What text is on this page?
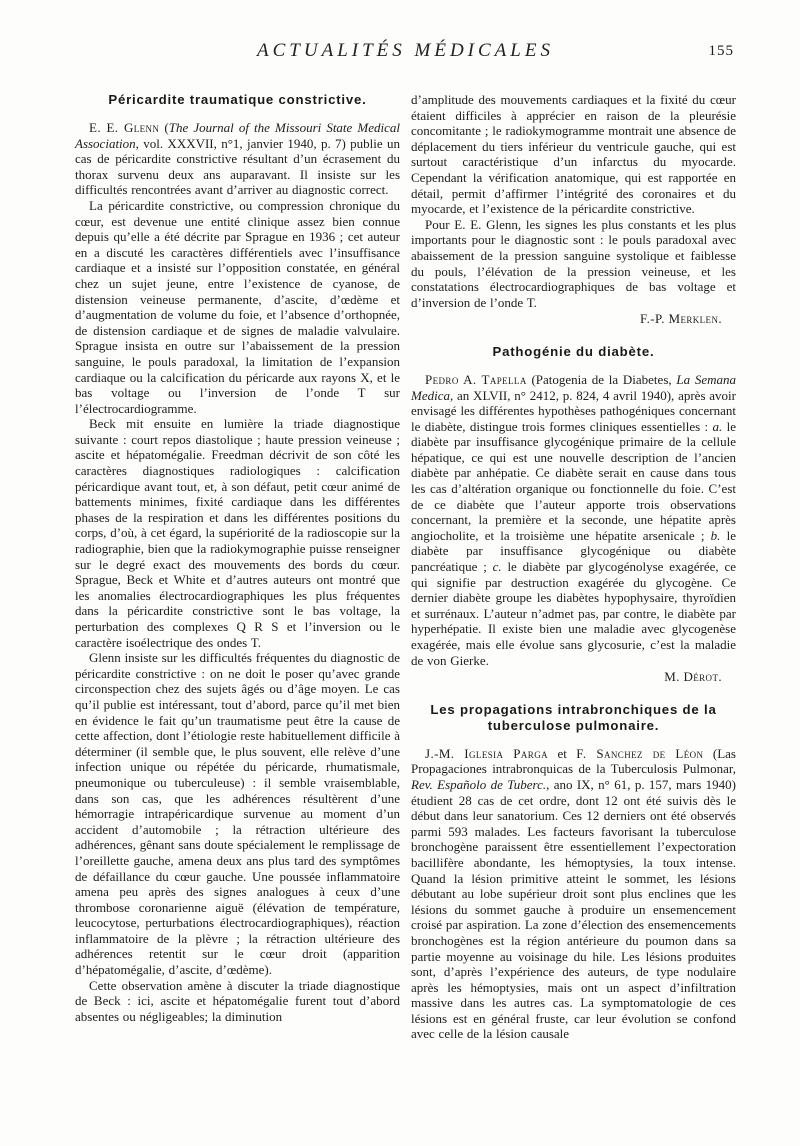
ACTUALITÉS MÉDICALES	155
Péricardite traumatique constrictive.

E. E. Glenn (The Journal of the Missouri State Medical Association, vol. XXXVII, n°1, janvier 1940, p. 7) publie un cas de péricardite constrictive résultant d’un écrasement du thorax survenu deux ans auparavant. Il insiste sur les difficultés rencontrées avant d’arriver au diagnostic correct.

La péricardite constrictive, ou compression chronique du cœur, est devenue une entité clinique assez bien connue depuis qu’elle a été décrite par Sprague en 1936 ; cet auteur en a discuté les caractères différentiels avec l’insuffisance cardiaque et a insisté sur l’opposition constatée, en général chez un sujet jeune, entre l’existence de cyanose, de distension veineuse permanente, d’ascite, d’œdème et d’augmentation de volume du foie, et l’absence d’orthopnée, de distension cardiaque et de signes de maladie valvulaire. Sprague insista en outre sur l’abaissement de la pression sanguine, le pouls paradoxal, la limitation de l’expansion cardiaque ou la calcification du péricarde aux rayons X, et le bas voltage ou l’inversion de l’onde T sur l’électrocardiogramme.

Beck mit ensuite en lumière la triade diagnostique suivante : court repos diastolique ; haute pression veineuse ; ascite et hépatomégalie. Freedman décrivit de son côté les caractères diagnostiques radiologiques : calcification péricardique avant tout, et, à son défaut, petit cœur animé de battements minimes, fixité cardiaque dans les différentes phases de la respiration et dans les différentes positions du corps, d’où, à cet égard, la supériorité de la radioscopie sur la radiographie, bien que la radiokymographie puisse renseigner sur le degré exact des mouvements des bords du cœur. Sprague, Beck et White et d’autres auteurs ont montré que les anomalies électrocardiographiques les plus fréquentes dans la péricardite constrictive sont le bas voltage, la perturbation des complexes Q R S et l’inversion ou le caractère isoélectrique des ondes T.

Glenn insiste sur les difficultés fréquentes du diagnostic de péricardite constrictive : on ne doit le poser qu’avec grande circonspection chez des sujets âgés ou d’âge moyen. Le cas qu’il publie est intéressant, tout d’abord, parce qu’il met bien en évidence le fait qu’un traumatisme peut être la cause de cette affection, dont l’étiologie reste habituellement difficile à déterminer (il semble que, le plus souvent, elle relève d’une infection unique ou répétée du péricarde, rhumatismale, pneumonique ou tuberculeuse) : il semble vraisemblable, dans son cas, que les adhérences résultèrent d’une hémorragie intrapéricardique survenue au moment d’un accident d’automobile ; la rétraction ultérieure des adhérences, gênant sans doute spécialement le remplissage de l’oreillette gauche, amena deux ans plus tard des symptômes de défaillance du cœur gauche. Une poussée inflammatoire amena peu après des signes analogues à ceux d’une thrombose coronarienne aiguë (élévation de température, leucocytose, perturbations électrocardiographiques), réaction inflammatoire de la plèvre ; la rétraction ultérieure des adhérences retentit sur le cœur droit (apparition d’hépatomégalie, d’ascite, d’œdème).

Cette observation amène à discuter la triade diagnostique de Beck : ici, ascite et hépatomégalie furent tout d’abord absentes ou négligeables; la diminution

d’amplitude des mouvements cardiaques et la fixité du cœur étaient difficiles à apprécier en raison de la pleurésie concomitante ; le radiokymogramme montrait une absence de déplacement du tiers inférieur du ventricule gauche, qui est surtout caractéristique d’un infarctus du myocarde. Cependant la vérification anatomique, qui est rapportée en détail, permit d’affirmer l’intégrité des coronaires et du myocarde, et l’existence de la péricardite constrictive.

Pour E. E. Glenn, les signes les plus constants et les plus importants pour le diagnostic sont : le pouls paradoxal avec abaissement de la pression sanguine systolique et faiblesse du pouls, l’élévation de la pression veineuse, et les constatations électrocardiographiques de bas voltage et d’inversion de l’onde T.

F.-P. Merklen.

Pathogénie du diabète.

Pedro A. Tapella (Patogenia de la Diabetes, La Semana Medica, an XLVII, n° 2412, p. 824, 4 avril 1940), après avoir envisagé les différentes hypothèses pathogéniques concernant le diabète, distingue trois formes cliniques essentielles : a. le diabète par insuffisance glycogénique primaire de la cellule hépatique, ce qui est une nouvelle description de l’ancien diabète par anhépatie. Ce diabète serait en cause dans tous les cas d’altération organique ou fonctionnelle du foie. C’est de ce diabète que l’auteur apporte trois observations concernant, la première et la seconde, une hépatite après angiocholite, et la troisième une hépatite arsenicale ; b. le diabète par insuffisance glycogénique ou diabète pancréatique ; c. le diabète par glycogénolyse exagérée, ce qui signifie par destruction exagérée du glycogène. Ce dernier diabète groupe les diabètes hypophysaire, thyroïdien et surrénaux. L’auteur n’admet pas, par contre, le diabète par hyperhépatie. Il existe bien une maladie avec glycogenèse exagérée, mais elle évolue sans glycosurie, c’est la maladie de von Gierke.

M. Dérot.

Les propagations intrabronchiques de la tuberculose pulmonaire.

J.-M. Iglesia Parga et F. Sanchez de Léon (Las Propagaciones intrabronquicas de la Tuberculosis Pulmonar, Rev. Españolo de Tuberc., ano IX, n° 61, p. 157, mars 1940) étudient 28 cas de cet ordre, dont 12 ont été suivis dès le début dans leur sanatorium. Ces 12 derniers ont été observés parmi 593 malades. Les facteurs favorisant la tuberculose bronchogène paraissent être essentiellement l’expectoration bacillifère abondante, les hémoptysies, la toux intense. Quand la lésion primitive atteint le sommet, les lésions débutant au lobe supérieur droit sont plus enclines que les lésions du sommet gauche à produire un ensemencement croisé par aspiration. La zone d’élection des ensemencements bronchogènes est la région antérieure du poumon dans sa partie moyenne au voisinage du hile. Les lésions produites sont, d’après l’expérience des auteurs, de type nodulaire après les hémoptysies, mais ont un aspect d’infiltration massive dans les autres cas. La symptomatologie de ces lésions est en général fruste, car leur évolution se confond avec celle de la lésion causale
